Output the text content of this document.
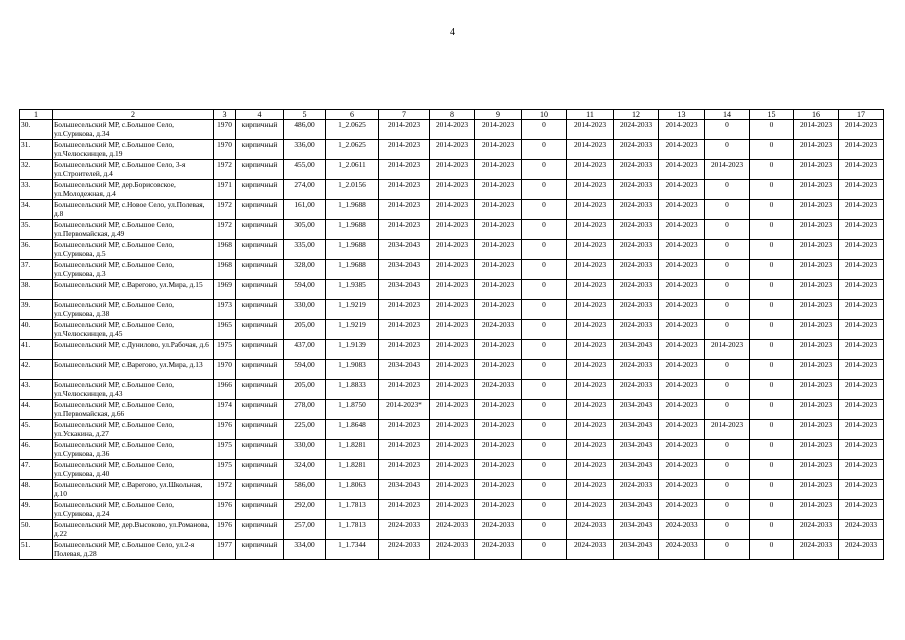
4
1	2	3	4	5	6	7	8	9	10	11	12	13	14	15	16	17
30.	Большесельский МР, с.Большое Село, ул.Сурикова, д.34	1970	кирпичный	486,00	1_2.0625	2014-2023	2014-2023	2014-2023	0	2014-2023	2024-2033	2014-2023	0	0	2014-2023	2014-2023
31.	Большесельский МР, с.Большое Село, ул.Челюскинцев, д.19	1970	кирпичный	336,00	1_2.0625	2014-2023	2014-2023	2014-2023	0	2014-2023	2024-2033	2014-2023	0	0	2014-2023	2014-2023
32.	Большесельский МР, с.Большое Село, 3-я ул.Строителей, д.4	1972	кирпичный	455,00	1_2.0611	2014-2023	2014-2023	2014-2023	0	2014-2023	2024-2033	2014-2023	2014-2023	0	2014-2023	2014-2023
33.	Большесельский МР, дер.Борисовское, ул.Молодежная, д.4	1971	кирпичный	274,00	1_2.0156	2014-2023	2014-2023	2014-2023	0	2014-2023	2024-2033	2014-2023	0	0	2014-2023	2014-2023
34.	Большесельский МР, с.Новое Село, ул.Полевая, д.8	1972	кирпичный	161,00	1_1.9688	2014-2023	2014-2023	2014-2023	0	2014-2023	2024-2033	2014-2023	0	0	2014-2023	2014-2023
35.	Большесельский МР, с.Большое Село, ул.Первомайская, д.49	1972	кирпичный	305,00	1_1.9688	2014-2023	2014-2023	2014-2023	0	2014-2023	2024-2033	2014-2023	0	0	2014-2023	2014-2023
36.	Большесельский МР, с.Большое Село, ул.Сурикова, д.5	1968	кирпичный	335,00	1_1.9688	2034-2043	2014-2023	2014-2023	0	2014-2023	2024-2033	2014-2023	0	0	2014-2023	2014-2023
37.	Большесельский МР, с.Большое Село, ул.Сурикова, д.3	1968	кирпичный	328,00	1_1.9688	2034-2043	2014-2023	2014-2023	0	2014-2023	2024-2033	2014-2023	0	0	2014-2023	2014-2023
38.	Большесельский МР, с.Варегово, ул.Мира, д.15	1969	кирпичный	594,00	1_1.9385	2034-2043	2014-2023	2014-2023	0	2014-2023	2024-2033	2014-2023	0	0	2014-2023	2014-2023
39.	Большесельский МР, с.Большое Село, ул.Сурикова, д.38	1973	кирпичный	330,00	1_1.9219	2014-2023	2014-2023	2014-2023	0	2014-2023	2024-2033	2014-2023	0	0	2014-2023	2014-2023
40.	Большесельский МР, с.Большое Село, ул.Челюскинцев, д.45	1965	кирпичный	205,00	1_1.9219	2014-2023	2014-2023	2024-2033	0	2014-2023	2024-2033	2014-2023	0	0	2014-2023	2014-2023
41.	Большесельский МР, с.Дунилово, ул.Рабочая, д.6	1975	кирпичный	437,00	1_1.9139	2014-2023	2014-2023	2014-2023	0	2014-2023	2034-2043	2014-2023	2014-2023	0	2014-2023	2014-2023
42.	Большесельский МР, с.Варегово, ул.Мира, д.13	1970	кирпичный	594,00	1_1.9083	2034-2043	2014-2023	2014-2023	0	2014-2023	2024-2033	2014-2023	0	0	2014-2023	2014-2023
43.	Большесельский МР, с.Большое Село, ул.Челюскинцев, д.43	1966	кирпичный	205,00	1_1.8833	2014-2023	2014-2023	2024-2033	0	2014-2023	2024-2033	2014-2023	0	0	2014-2023	2014-2023
44.	Большесельский МР, с.Большое Село, ул.Первомайская, д.66	1974	кирпичный	278,00	1_1.8750	2014-2023*	2014-2023	2014-2023	0	2014-2023	2034-2043	2014-2023	0	0	2014-2023	2014-2023
45.	Большесельский МР, с.Большое Село, ул.Ускакина, д.27	1976	кирпичный	225,00	1_1.8648	2014-2023	2014-2023	2014-2023	0	2014-2023	2034-2043	2014-2023	2014-2023	0	2014-2023	2014-2023
46.	Большесельский МР, с.Большое Село, ул.Сурикова, д.36	1975	кирпичный	330,00	1_1.8281	2014-2023	2014-2023	2014-2023	0	2014-2023	2034-2043	2014-2023	0	0	2014-2023	2014-2023
47.	Большесельский МР, с.Большое Село, ул.Сурикова, д.40	1975	кирпичный	324,00	1_1.8281	2014-2023	2014-2023	2014-2023	0	2014-2023	2034-2043	2014-2023	0	0	2014-2023	2014-2023
48.	Большесельский МР, с.Варегово, ул.Школьная, д.10	1972	кирпичный	586,00	1_1.8063	2034-2043	2014-2023	2014-2023	0	2014-2023	2024-2033	2014-2023	0	0	2014-2023	2014-2023
49.	Большесельский МР, с.Большое Село, ул.Сурикова, д.24	1976	кирпичный	292,00	1_1.7813	2014-2023	2014-2023	2014-2023	0	2014-2023	2034-2043	2014-2023	0	0	2014-2023	2014-2023
50.	Большесельский МР, дер.Высоково, ул.Романова, д.22	1976	кирпичный	257,00	1_1.7813	2024-2033	2024-2033	2024-2033	0	2024-2033	2034-2043	2024-2033	0	0	2024-2033	2024-2033
51.	Большесельский МР, с.Большое Село, ул.2-я Полевая, д.28	1977	кирпичный	334,00	1_1.7344	2024-2033	2024-2033	2024-2033	0	2024-2033	2034-2043	2024-2033	0	0	2024-2033	2024-2033
